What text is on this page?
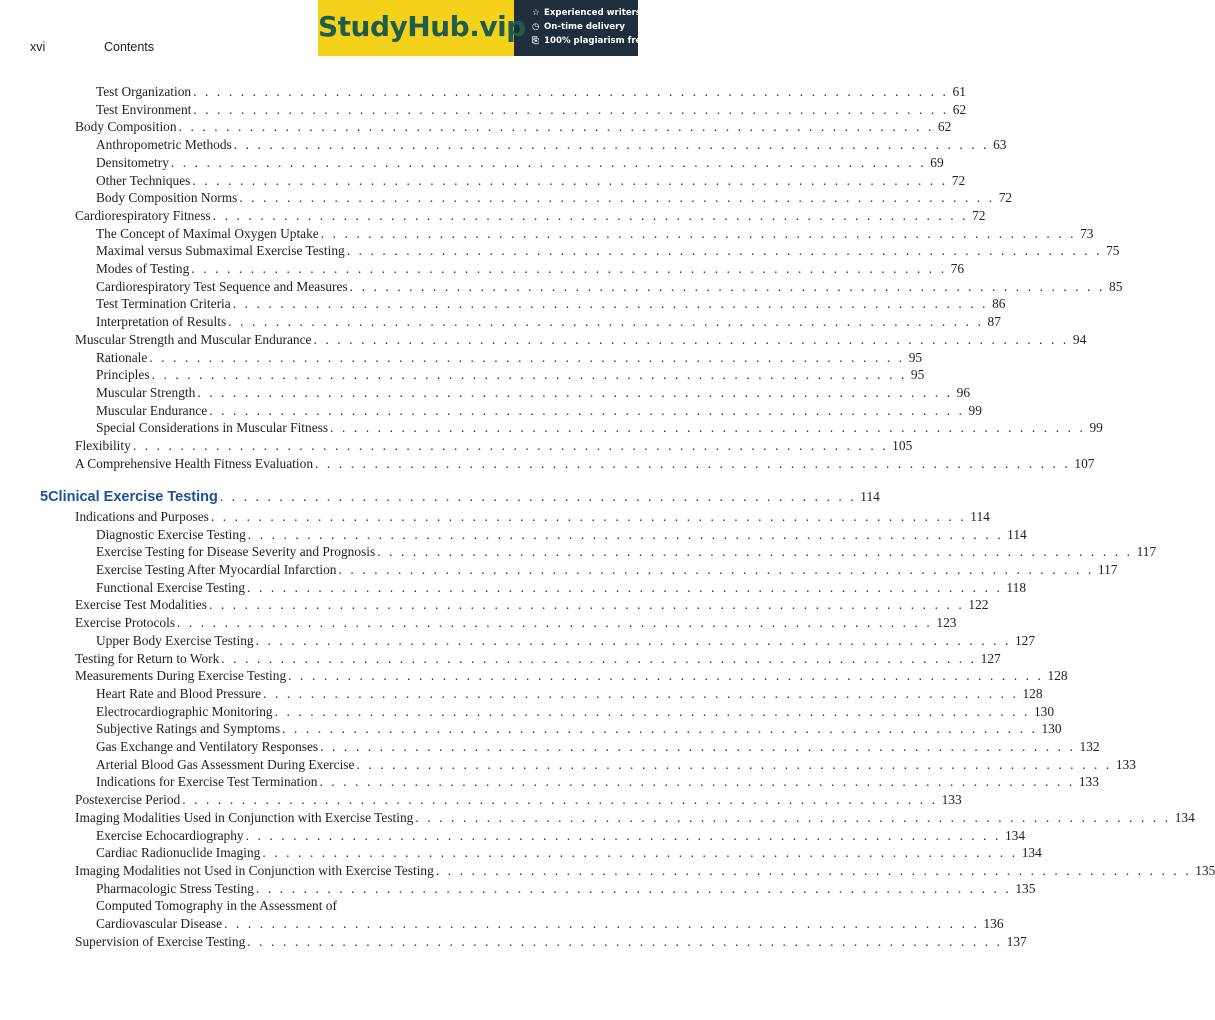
xvi	Contents
StudyHub.vip ☆ Experienced writers
◷ On-time delivery
⎘ 100% plagiarism free
5 Clinical Exercise Testing . . . . . . . . . . . . . . . . . . . . . . . . . . . . . . . . . . . . . . . . . . . . . . . . . . . . . . 114
Test Organization . . . . . . . . . . . . . . . . . . . . . . . . . . . . . . . . . . . . . . . . . . . . . . . . . . . . . . . . . . . . . . . . 61
Test Environment . . . . . . . . . . . . . . . . . . . . . . . . . . . . . . . . . . . . . . . . . . . . . . . . . . . . . . . . . . . . . . . . 62
Body Composition . . . . . . . . . . . . . . . . . . . . . . . . . . . . . . . . . . . . . . . . . . . . . . . . . . . . . . . . . . . . . . . . 62
Anthropometric Methods . . . . . . . . . . . . . . . . . . . . . . . . . . . . . . . . . . . . . . . . . . . . . . . . . . . . . . . . . . . . . . . . 63
Densitometry . . . . . . . . . . . . . . . . . . . . . . . . . . . . . . . . . . . . . . . . . . . . . . . . . . . . . . . . . . . . . . . . 69
Other Techniques . . . . . . . . . . . . . . . . . . . . . . . . . . . . . . . . . . . . . . . . . . . . . . . . . . . . . . . . . . . . . . . . 72
Body Composition Norms . . . . . . . . . . . . . . . . . . . . . . . . . . . . . . . . . . . . . . . . . . . . . . . . . . . . . . . . . . . . . . . . 72
Cardiorespiratory Fitness . . . . . . . . . . . . . . . . . . . . . . . . . . . . . . . . . . . . . . . . . . . . . . . . . . . . . . . . . . . . . . . . 72
The Concept of Maximal Oxygen Uptake . . . . . . . . . . . . . . . . . . . . . . . . . . . . . . . . . . . . . . . . . . . . . . . . . . . . . . . . . . . . . . . . 73
Maximal versus Submaximal Exercise Testing . . . . . . . . . . . . . . . . . . . . . . . . . . . . . . . . . . . . . . . . . . . . . . . . . . . . . . . . . . . . . . . . 75
Modes of Testing . . . . . . . . . . . . . . . . . . . . . . . . . . . . . . . . . . . . . . . . . . . . . . . . . . . . . . . . . . . . . . . . 76
Cardiorespiratory Test Sequence and Measures . . . . . . . . . . . . . . . . . . . . . . . . . . . . . . . . . . . . . . . . . . . . . . . . . . . . . . . . . . . . . . . . 85
Test Termination Criteria . . . . . . . . . . . . . . . . . . . . . . . . . . . . . . . . . . . . . . . . . . . . . . . . . . . . . . . . . . . . . . . . 86
Interpretation of Results . . . . . . . . . . . . . . . . . . . . . . . . . . . . . . . . . . . . . . . . . . . . . . . . . . . . . . . . . . . . . . . . 87
Muscular Strength and Muscular Endurance . . . . . . . . . . . . . . . . . . . . . . . . . . . . . . . . . . . . . . . . . . . . . . . . . . . . . . . . . . . . . . . . 94
Rationale . . . . . . . . . . . . . . . . . . . . . . . . . . . . . . . . . . . . . . . . . . . . . . . . . . . . . . . . . . . . . . . . 95
Principles . . . . . . . . . . . . . . . . . . . . . . . . . . . . . . . . . . . . . . . . . . . . . . . . . . . . . . . . . . . . . . . . 95
Muscular Strength . . . . . . . . . . . . . . . . . . . . . . . . . . . . . . . . . . . . . . . . . . . . . . . . . . . . . . . . . . . . . . . . 96
Muscular Endurance . . . . . . . . . . . . . . . . . . . . . . . . . . . . . . . . . . . . . . . . . . . . . . . . . . . . . . . . . . . . . . . . 99
Special Considerations in Muscular Fitness . . . . . . . . . . . . . . . . . . . . . . . . . . . . . . . . . . . . . . . . . . . . . . . . . . . . . . . . . . . . . . . . 99
Flexibility . . . . . . . . . . . . . . . . . . . . . . . . . . . . . . . . . . . . . . . . . . . . . . . . . . . . . . . . . . . . . . . . 105
A Comprehensive Health Fitness Evaluation . . . . . . . . . . . . . . . . . . . . . . . . . . . . . . . . . . . . . . . . . . . . . . . . . . . . . . . . . . . . . . . . 107
Indications and Purposes . . . . . . . . . . . . . . . . . . . . . . . . . . . . . . . . . . . . . . . . . . . . . . . . . . . . . . . . . . . . . . . . 114
Diagnostic Exercise Testing . . . . . . . . . . . . . . . . . . . . . . . . . . . . . . . . . . . . . . . . . . . . . . . . . . . . . . . . . . . . . . . . 114
Exercise Testing for Disease Severity and Prognosis . . . . . . . . . . . . . . . . . . . . . . . . . . . . . . . . . . . . . . . . . . . . . . . . . . . . . . . . . . . . . . . . 117
Exercise Testing After Myocardial Infarction . . . . . . . . . . . . . . . . . . . . . . . . . . . . . . . . . . . . . . . . . . . . . . . . . . . . . . . . . . . . . . . . 117
Functional Exercise Testing . . . . . . . . . . . . . . . . . . . . . . . . . . . . . . . . . . . . . . . . . . . . . . . . . . . . . . . . . . . . . . . . 118
Exercise Test Modalities . . . . . . . . . . . . . . . . . . . . . . . . . . . . . . . . . . . . . . . . . . . . . . . . . . . . . . . . . . . . . . . . 122
Exercise Protocols . . . . . . . . . . . . . . . . . . . . . . . . . . . . . . . . . . . . . . . . . . . . . . . . . . . . . . . . . . . . . . . . 123
Upper Body Exercise Testing . . . . . . . . . . . . . . . . . . . . . . . . . . . . . . . . . . . . . . . . . . . . . . . . . . . . . . . . . . . . . . . . 127
Testing for Return to Work . . . . . . . . . . . . . . . . . . . . . . . . . . . . . . . . . . . . . . . . . . . . . . . . . . . . . . . . . . . . . . . . 127
Measurements During Exercise Testing . . . . . . . . . . . . . . . . . . . . . . . . . . . . . . . . . . . . . . . . . . . . . . . . . . . . . . . . . . . . . . . . 128
Heart Rate and Blood Pressure . . . . . . . . . . . . . . . . . . . . . . . . . . . . . . . . . . . . . . . . . . . . . . . . . . . . . . . . . . . . . . . . 128
Electrocardiographic Monitoring . . . . . . . . . . . . . . . . . . . . . . . . . . . . . . . . . . . . . . . . . . . . . . . . . . . . . . . . . . . . . . . . 130
Subjective Ratings and Symptoms . . . . . . . . . . . . . . . . . . . . . . . . . . . . . . . . . . . . . . . . . . . . . . . . . . . . . . . . . . . . . . . . 130
Gas Exchange and Ventilatory Responses . . . . . . . . . . . . . . . . . . . . . . . . . . . . . . . . . . . . . . . . . . . . . . . . . . . . . . . . . . . . . . . . 132
Arterial Blood Gas Assessment During Exercise . . . . . . . . . . . . . . . . . . . . . . . . . . . . . . . . . . . . . . . . . . . . . . . . . . . . . . . . . . . . . . . . 133
Indications for Exercise Test Termination . . . . . . . . . . . . . . . . . . . . . . . . . . . . . . . . . . . . . . . . . . . . . . . . . . . . . . . . . . . . . . . . 133
Postexercise Period . . . . . . . . . . . . . . . . . . . . . . . . . . . . . . . . . . . . . . . . . . . . . . . . . . . . . . . . . . . . . . . . 133
Imaging Modalities Used in Conjunction with Exercise Testing . . . . . . . . . . . . . . . . . . . . . . . . . . . . . . . . . . . . . . . . . . . . . . . . . . . . . . . . . . . . . . . . 134
Exercise Echocardiography . . . . . . . . . . . . . . . . . . . . . . . . . . . . . . . . . . . . . . . . . . . . . . . . . . . . . . . . . . . . . . . . 134
Cardiac Radionuclide Imaging . . . . . . . . . . . . . . . . . . . . . . . . . . . . . . . . . . . . . . . . . . . . . . . . . . . . . . . . . . . . . . . . 134
Imaging Modalities not Used in Conjunction with Exercise Testing . . . . . . . . . . . . . . . . . . . . . . . . . . . . . . . . . . . . . . . . . . . . . . . . . . . . . . . . . . . . . . . . 135
Pharmacologic Stress Testing . . . . . . . . . . . . . . . . . . . . . . . . . . . . . . . . . . . . . . . . . . . . . . . . . . . . . . . . . . . . . . . . 135
Computed Tomography in the Assessment of
Cardiovascular Disease . . . . . . . . . . . . . . . . . . . . . . . . . . . . . . . . . . . . . . . . . . . . . . . . . . . . . . . . . . . . . . . . 136
Supervision of Exercise Testing . . . . . . . . . . . . . . . . . . . . . . . . . . . . . . . . . . . . . . . . . . . . . . . . . . . . . . . . . . . . . . . . 137
